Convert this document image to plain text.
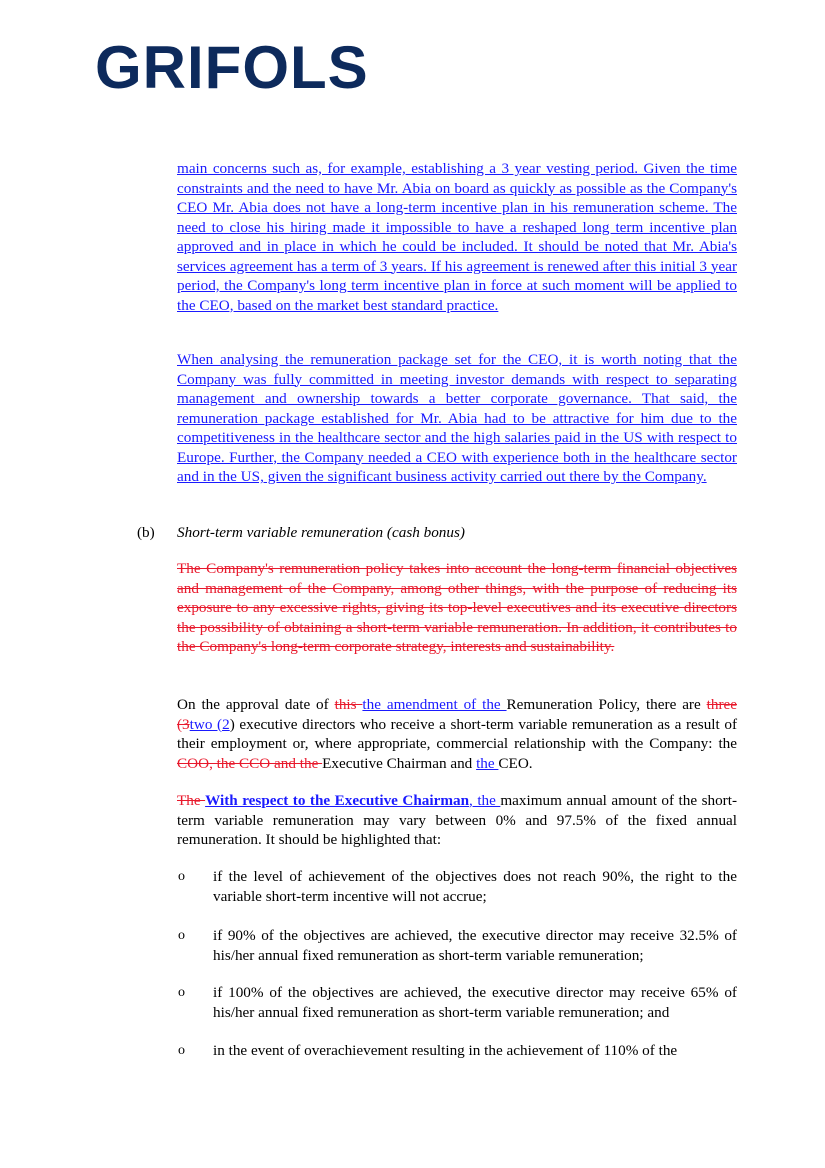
GRIFOLS
main concerns such as, for example, establishing a 3 year vesting period. Given the time constraints and the need to have Mr. Abia on board as quickly as possible as the Company's CEO Mr. Abia does not have a long-term incentive plan in his remuneration scheme. The need to close his hiring made it impossible to have a reshaped long term incentive plan approved and in place in which he could be included. It should be noted that Mr. Abia's services agreement has a term of 3 years. If his agreement is renewed after this initial 3 year period, the Company's long term incentive plan in force at such moment will be applied to the CEO, based on the market best standard practice.
When analysing the remuneration package set for the CEO, it is worth noting that the Company was fully committed in meeting investor demands with respect to separating management and ownership towards a better corporate governance. That said, the remuneration package established for Mr. Abia had to be attractive for him due to the competitiveness in the healthcare sector and the high salaries paid in the US with respect to Europe. Further, the Company needed a CEO with experience both in the healthcare sector and in the US, given the significant business activity carried out there by the Company.
(b) Short-term variable remuneration (cash bonus)
The Company's remuneration policy takes into account the long-term financial objectives and management of the Company, among other things, with the purpose of reducing its exposure to any excessive rights, giving its top-level executives and its executive directors the possibility of obtaining a short-term variable remuneration. In addition, it contributes to the Company's long-term corporate strategy, interests and sustainability.
On the approval date of this the amendment of the Remuneration Policy, there are three (3two (2) executive directors who receive a short-term variable remuneration as a result of their employment or, where appropriate, commercial relationship with the Company: the COO, the CCO and the Executive Chairman and the CEO.
The With respect to the Executive Chairman, the maximum annual amount of the short-term variable remuneration may vary between 0% and 97.5% of the fixed annual remuneration. It should be highlighted that:
o if the level of achievement of the objectives does not reach 90%, the right to the variable short-term incentive will not accrue;
o if 90% of the objectives are achieved, the executive director may receive 32.5% of his/her annual fixed remuneration as short-term variable remuneration;
o if 100% of the objectives are achieved, the executive director may receive 65% of his/her annual fixed remuneration as short-term variable remuneration; and
o in the event of overachievement resulting in the achievement of 110% of the
